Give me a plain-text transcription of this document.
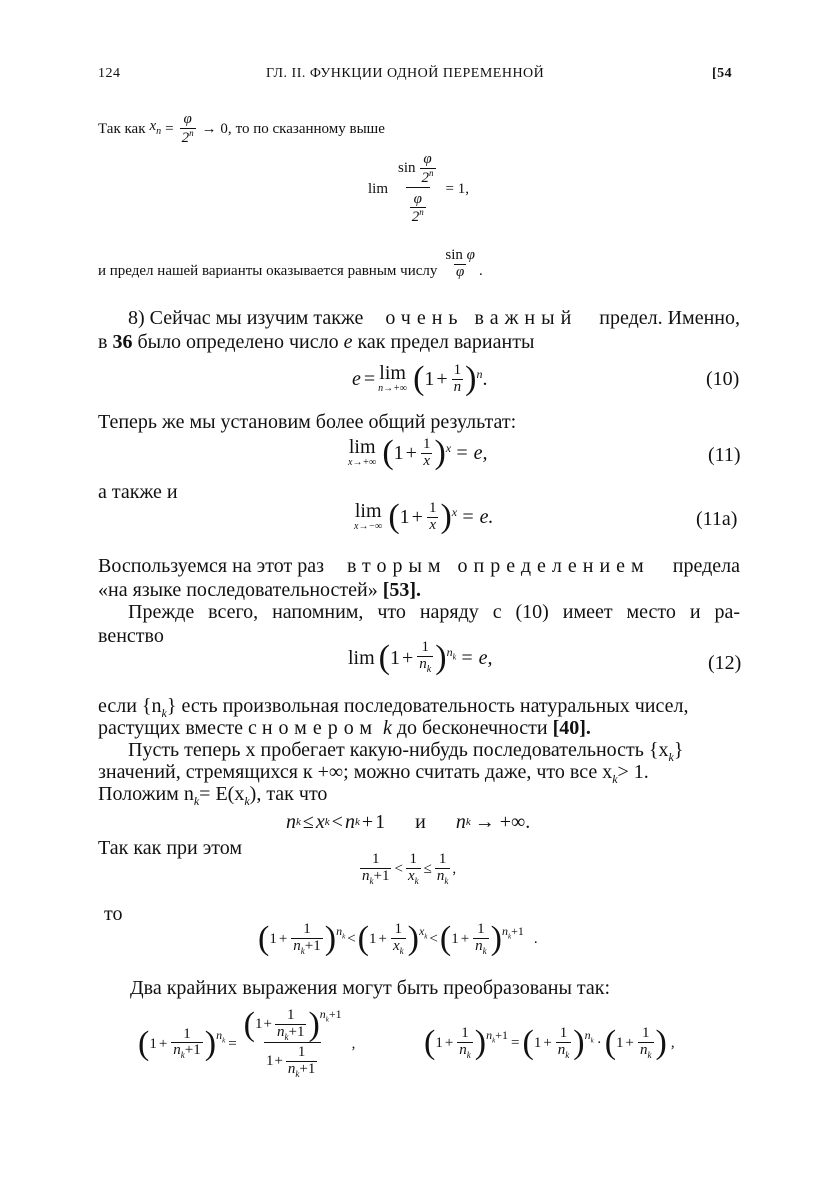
124	ГЛ. II. ФУНКЦИИ ОДНОЙ ПЕРЕМЕННОЙ	[54
Так как $x_n = \frac{\varphi}{2^n} \to 0$, то по сказанному выше
$\lim \frac{\sin \frac{\varphi}{2^n}}{\frac{\varphi}{2^n}} = 1$,
и предел нашей варианты оказывается равным числу $\frac{\text{sin φ}}{\varphi}$ .
8) Сейчас мы изучим также очень важный предел. Именно,
в 36 было определено число e как предел варианты
e = lim
n→+∞ ( $1 + \frac{1}{n}$ ) n .	(10)
Теперь же мы установим более общий результат:
lim
x→+∞ ( $1 + \frac{1}{x}$ ) x = e,	(11)
а также и
lim
x→−∞ ( $1 + \frac{1}{x}$ ) x = e.	(11а)
Воспользуемся на этот раз вторым определением предела
«на языке последовательностей» [53].
Прежде всего, напомним, что наряду с (10) имеет место и ра-
венство
lim ( $1 + \frac{1}{n_k}$ ) $n_k = e$,	(12)
если $\{n_k\}$ есть произвольная последовательность натуральных чисел,
растущих вместе с номером k до бесконечности [40].
Пусть теперь x пробегает какую-нибудь последовательность $\{x_k\}$
значений, стремящихся к +∞; можно считать даже, что все $x_k> 1$.
Положим $n_k= E(x_k)$, так что
n k ≤ x k < n k + 1 и n k → +∞.
Так как при этом
$\frac{1}{n_k+1} < \frac{1}{x_k} \le \frac{1}{n_k}$ ,
то
( $1 + \frac{1}{n_k+1}$ ) $n_k$ < ( $1 + \frac{1}{x_k}$ ) $x_k$ < ( $1 + \frac{1}{n_k}$ ) $n_k+1$
.
Два крайних выражения могут быть преобразованы так:
( $1 + \frac{1}{n_k+1}$ ) $n_k = \frac{( 1 + \frac{1}{n_k+1} ) n_k+1}{1 + \frac{1}{n_k+1}}$ , ( $1 + \frac{1}{n_k}$ ) $n_k+1$
= ( $1 + \frac{1}{n_k}$ ) $n_k$ · ( $1 + \frac{1}{n_k}$ ) ,
